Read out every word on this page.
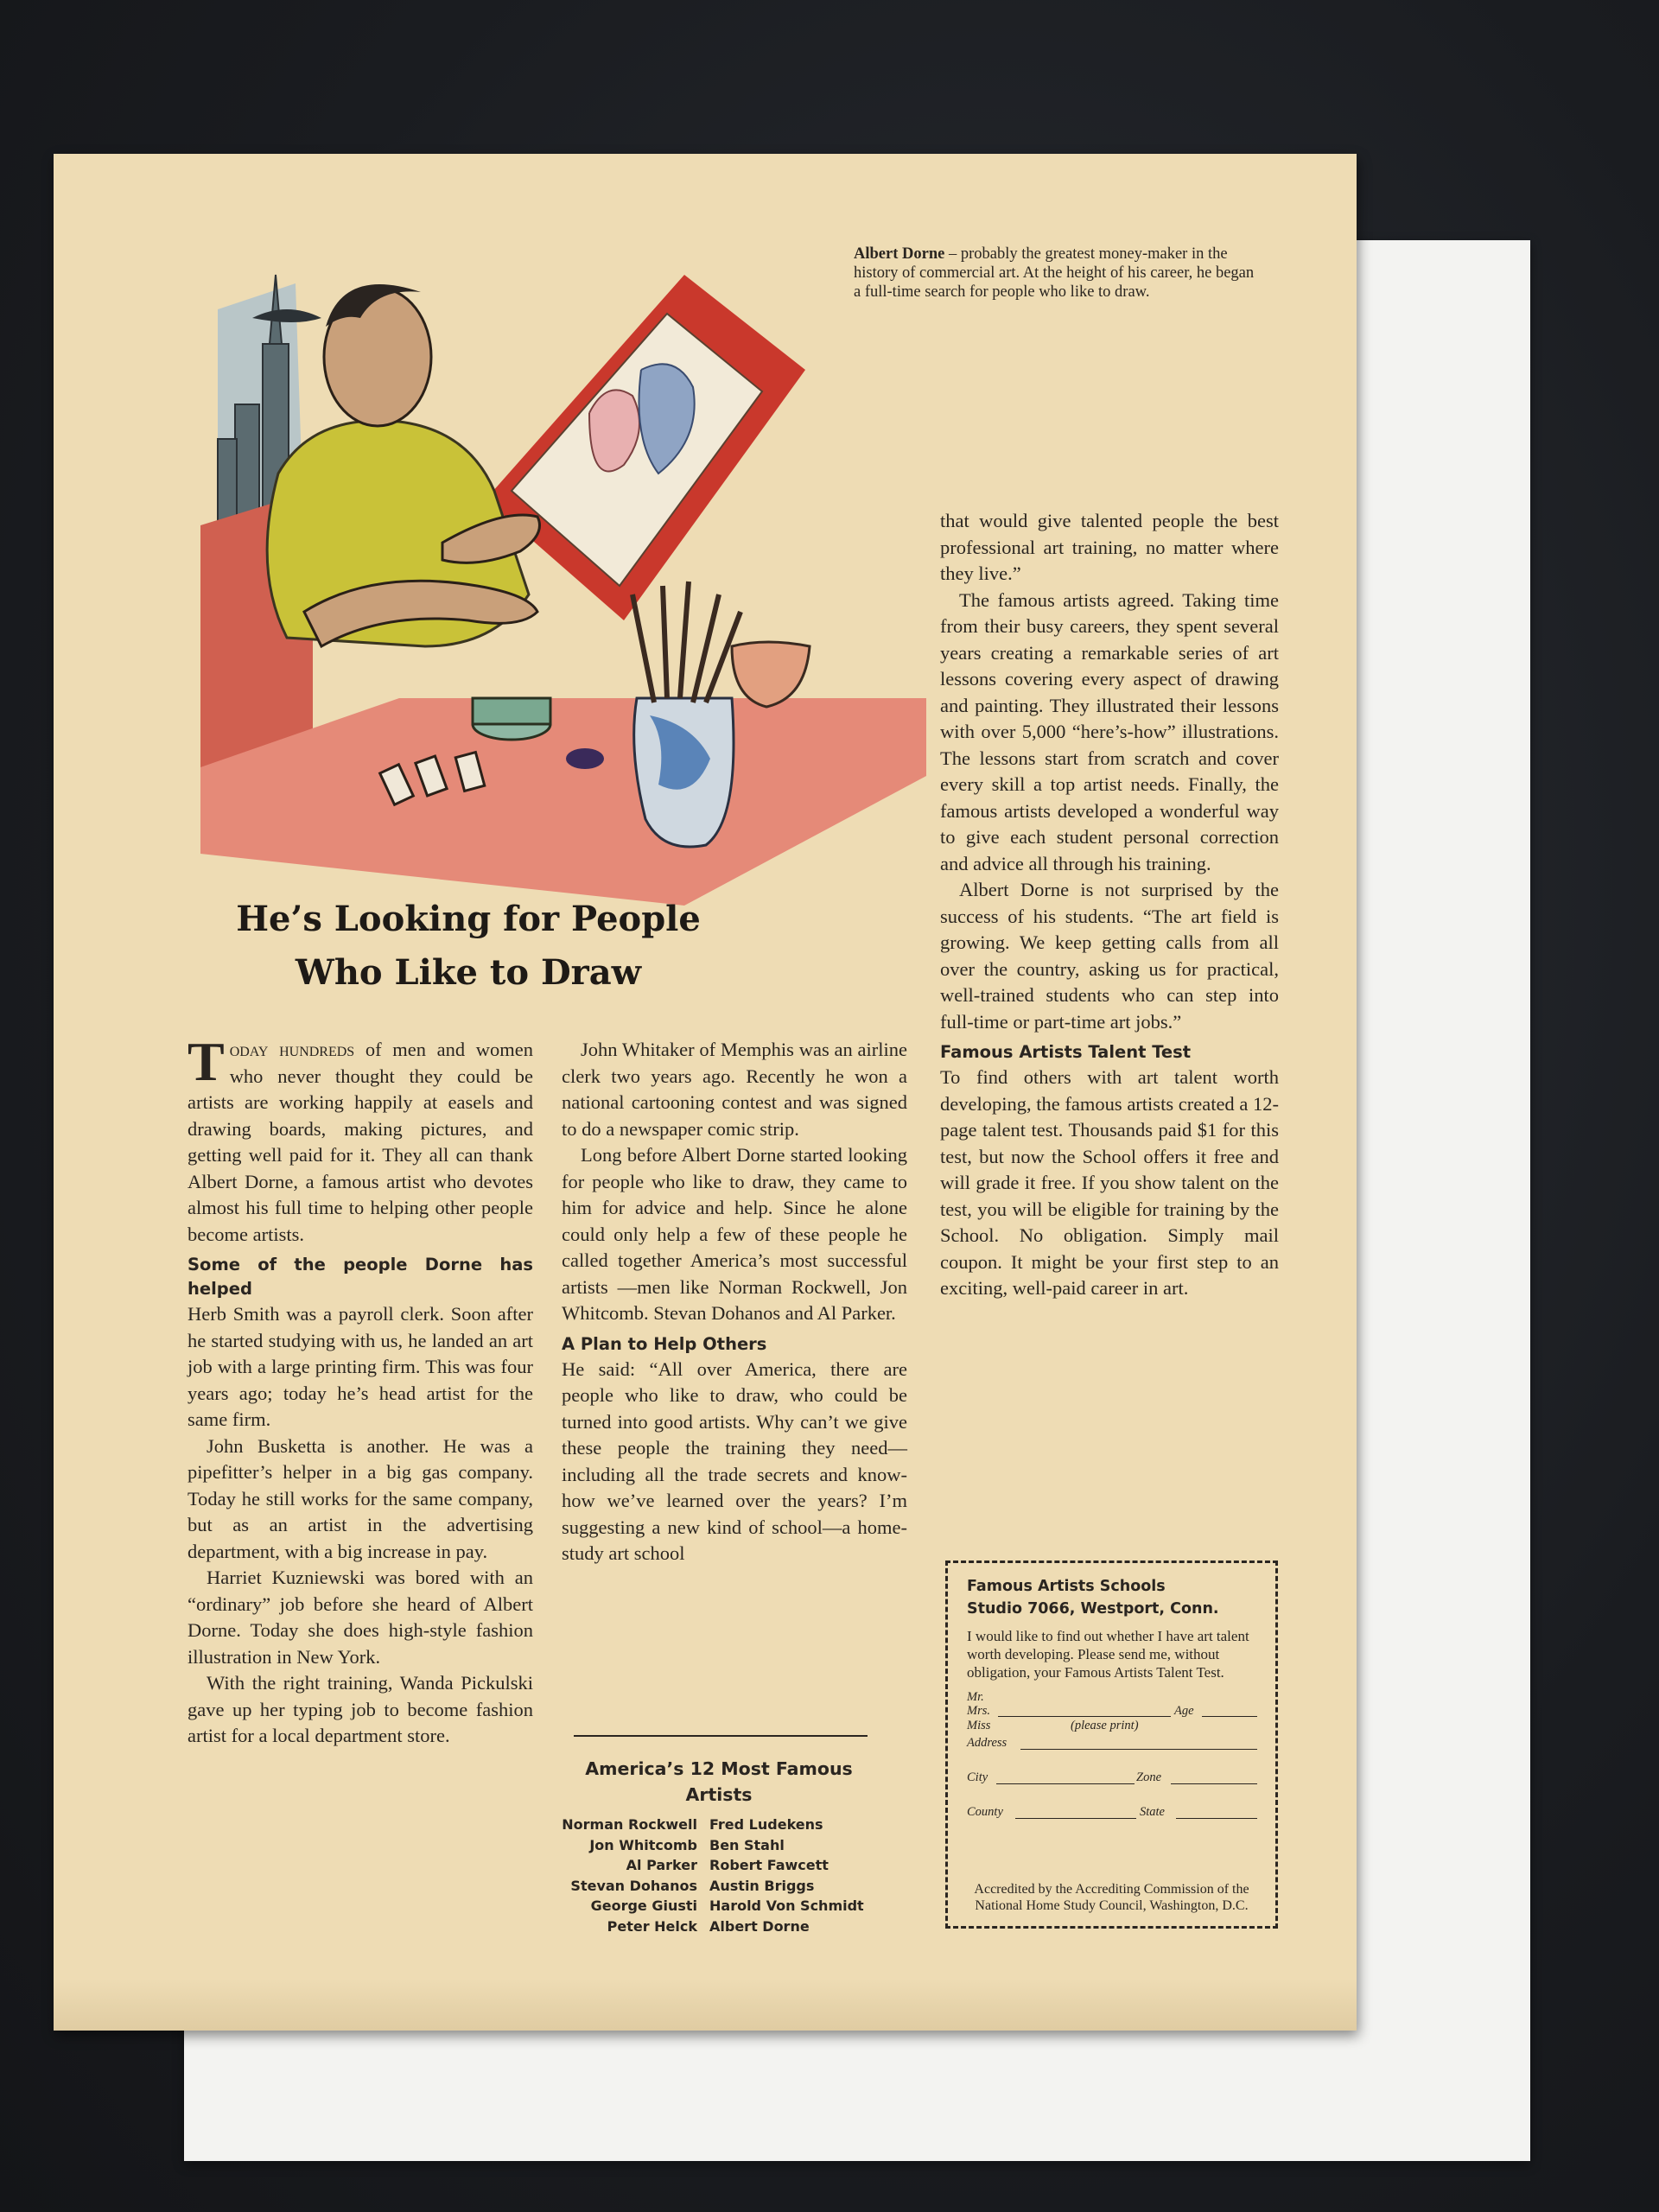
Albert Dorne – probably the greatest money-maker in the history of commercial art. At the height of his career, he began a full-time search for people who like to draw.
He’s Looking for People
Who Like to Draw

Today hundreds of men and women who never thought they could be artists are working happily at easels and drawing boards, making pictures, and getting well paid for it. They all can thank Albert Dorne, a famous artist who devotes almost his full time to helping other people become artists.

Some of the people Dorne has helped

Herb Smith was a payroll clerk. Soon after he started studying with us, he landed an art job with a large printing firm. This was four years ago; today he’s head artist for the same firm.

John Busketta is another. He was a pipefitter’s helper in a big gas company. Today he still works for the same company, but as an artist in the advertising department, with a big increase in pay.

Harriet Kuzniewski was bored with an “ordinary” job before she heard of Albert Dorne. Today she does high-style fashion illustration in New York.

With the right training, Wanda Pickulski gave up her typing job to become fashion artist for a local department store.

John Whitaker of Memphis was an airline clerk two years ago. Recently he won a national cartooning contest and was signed to do a newspaper comic strip.

Long before Albert Dorne started looking for people who like to draw, they came to him for advice and help. Since he alone could only help a few of these people he called together America’s most successful artists —men like Norman Rockwell, Jon Whitcomb. Stevan Dohanos and Al Parker.

A Plan to Help Others

He said: “All over America, there are people who like to draw, who could be turned into good artists. Why can’t we give these people the training they need—including all the trade secrets and know-how we’ve learned over the years? I’m suggesting a new kind of school—a home-study art school

America’s 12 Most Famous Artists
Norman Rockwell Fred Ludekens
Jon Whitcomb Ben Stahl
Al Parker Robert Fawcett
Stevan Dohanos Austin Briggs
George Giusti Harold Von Schmidt
Peter Helck Albert Dorne

that would give talented people the best professional art training, no matter where they live.”

The famous artists agreed. Taking time from their busy careers, they spent several years creating a remarkable series of art lessons covering every aspect of drawing and painting. They illustrated their lessons with over 5,000 “here’s-how” illustrations. The lessons start from scratch and cover every skill a top artist needs. Finally, the famous artists developed a wonderful way to give each student personal correction and advice all through his training.

Albert Dorne is not surprised by the success of his students. “The art field is growing. We keep getting calls from all over the country, asking us for practical, well-trained students who can step into full-time or part-time art jobs.”

Famous Artists Talent Test

To find others with art talent worth developing, the famous artists created a 12-page talent test. Thousands paid $1 for this test, but now the School offers it free and will grade it free. If you show talent on the test, you will be eligible for training by the School. No obligation. Simply mail coupon. It might be your first step to an exciting, well-paid career in art.

Famous Artists Schools
Studio 7066, Westport, Conn.
I would like to find out whether I have art talent worth developing. Please send me, without obligation, your Famous Artists Talent Test.
Mr.
Mrs.	Age
Miss	(please print)
Address
City	Zone
County	State
Accredited by the Accrediting Commission of the National Home Study Council, Washington, D.C.
